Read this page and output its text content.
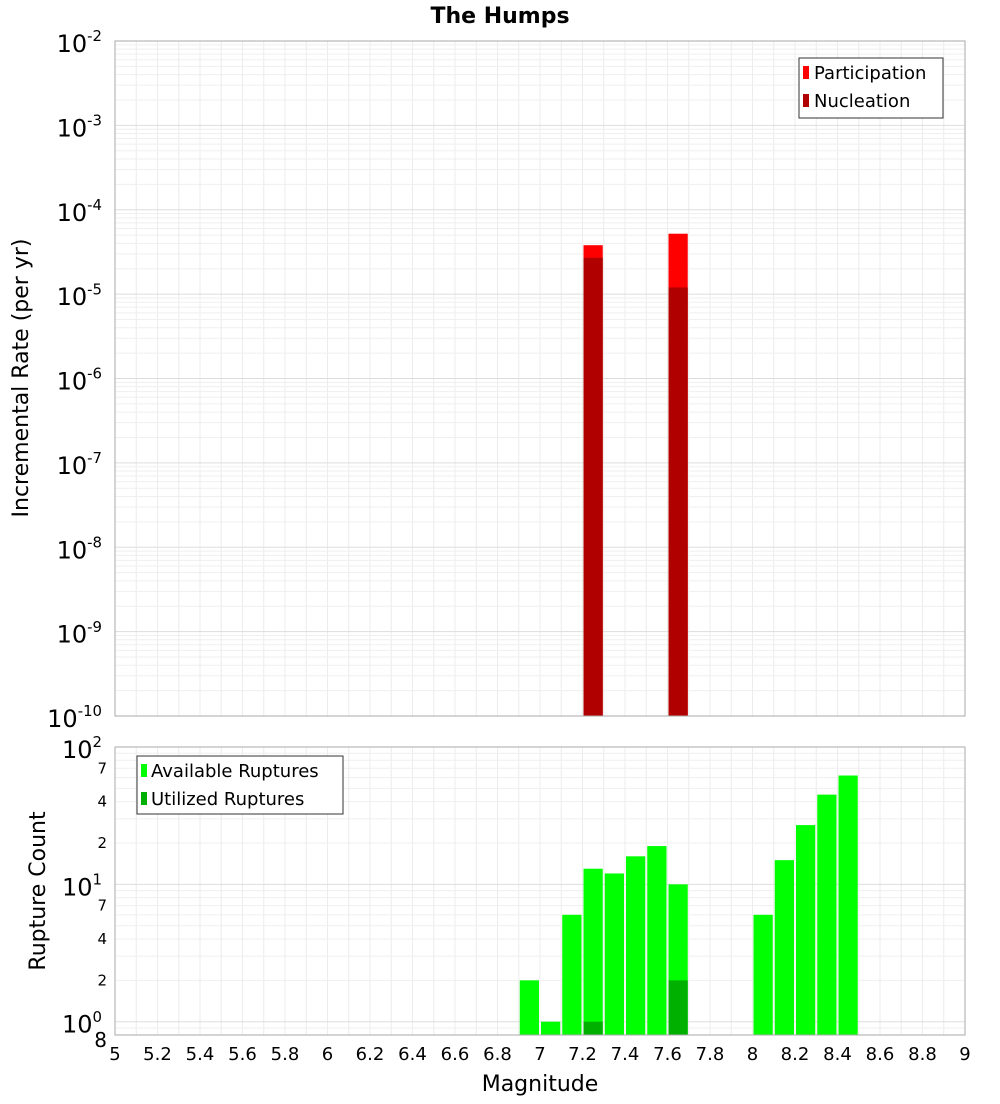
The Humps
Incremental Rate (per yr)
Rupture Count
Magnitude
$10^{-10}$
$10^{-9}$
$10^{-8}$
$10^{-7}$
$10^{-6}$
$10^{-5}$
$10^{-4}$
$10^{-3}$
$10^{-2}$
Participation
Nucleation
$10^0$
$10^1$
$10^2$
8
2
4
7
2
4
7
5 5.2 5.4 5.6 5.8 6 6.2 6.4 6.6 6.8 7 7.2 7.4 7.6 7.8 8 8.2 8.4 8.6 8.8 9
Available Ruptures
Utilized Ruptures
